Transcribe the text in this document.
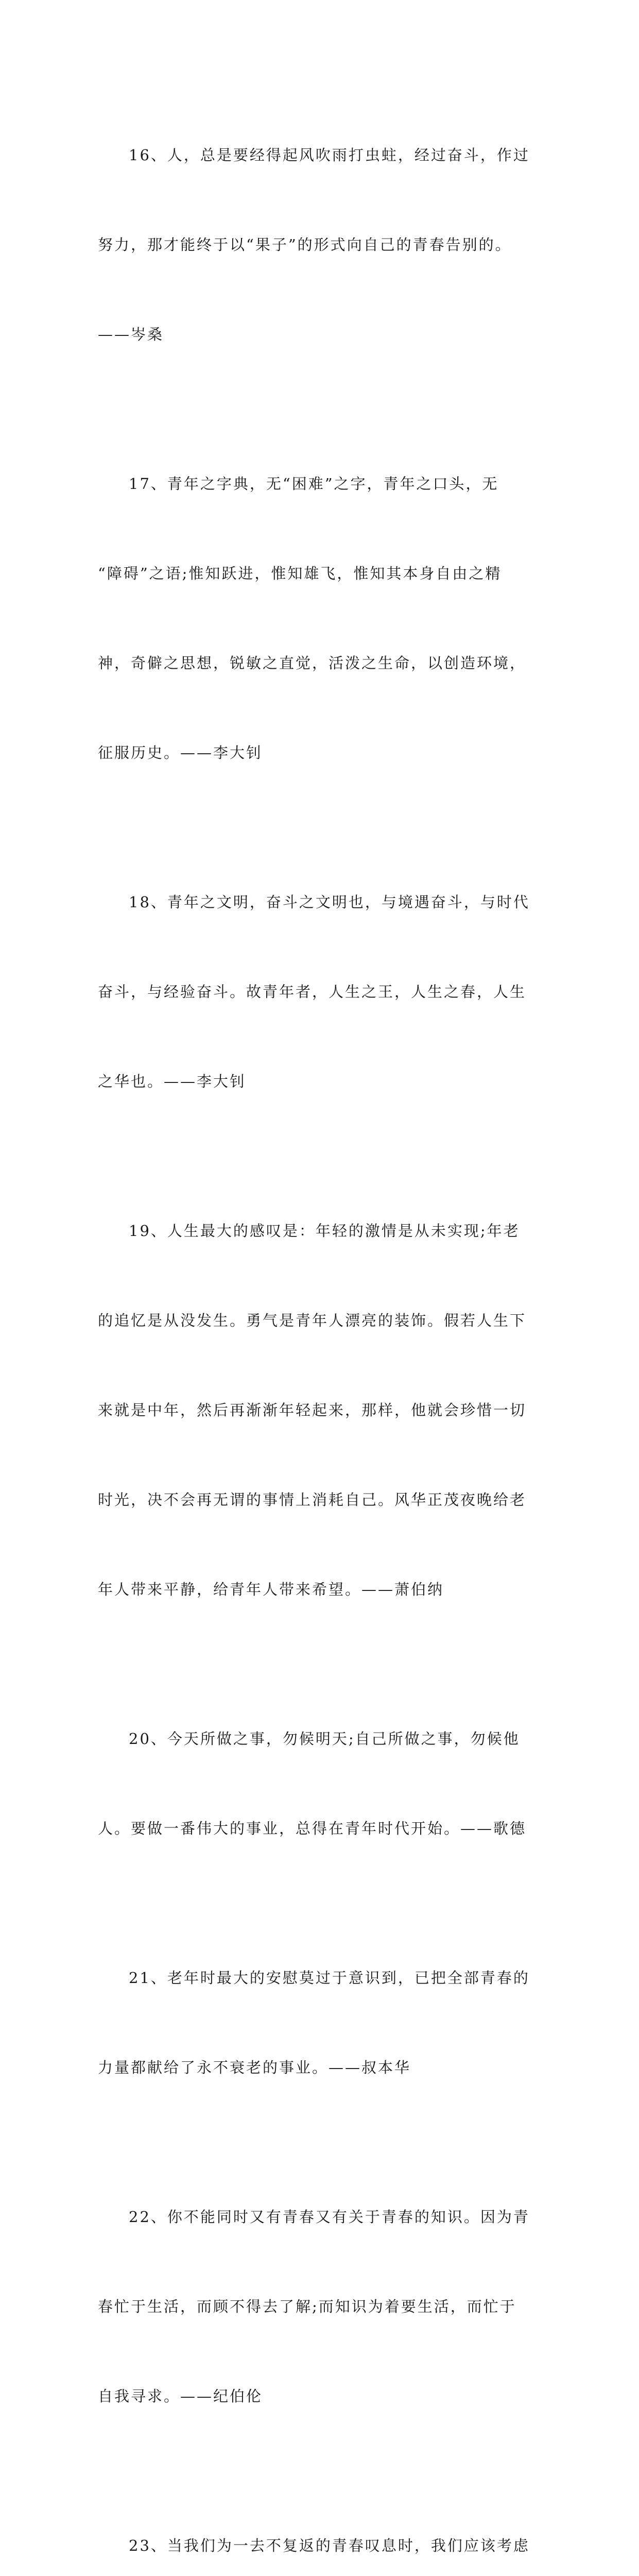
16、人，总是要经得起风吹雨打虫蛀，经过奋斗，作过

努力，那才能终于以“果子”的形式向自己的青春告别的。

——岑桑

17、青年之字典，无“困难”之字，青年之口头，无

“障碍”之语;惟知跃进，惟知雄飞，惟知其本身自由之精

神，奇僻之思想，锐敏之直觉，活泼之生命，以创造环境，

征服历史。——李大钊

18、青年之文明，奋斗之文明也，与境遇奋斗，与时代

奋斗，与经验奋斗。故青年者，人生之王，人生之春，人生

之华也。——李大钊

19、人生最大的感叹是：年轻的激情是从未实现;年老

的追忆是从没发生。勇气是青年人漂亮的装饰。假若人生下

来就是中年，然后再渐渐年轻起来，那样，他就会珍惜一切

时光，决不会再无谓的事情上消耗自己。风华正茂夜晚给老

年人带来平静，给青年人带来希望。——萧伯纳

20、今天所做之事，勿候明天;自己所做之事，勿候他

人。要做一番伟大的事业，总得在青年时代开始。——歌德

21、老年时最大的安慰莫过于意识到，已把全部青春的

力量都献给了永不衰老的事业。——叔本华

22、你不能同时又有青春又有关于青春的知识。因为青

春忙于生活，而顾不得去了解;而知识为着要生活，而忙于

自我寻求。——纪伯伦

23、当我们为一去不复返的青春叹息时，我们应该考虑
